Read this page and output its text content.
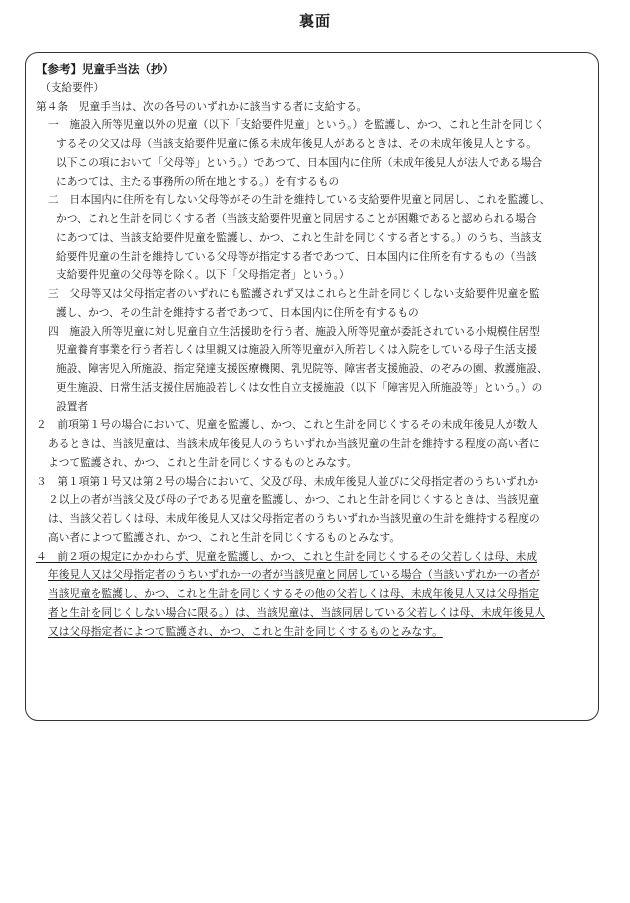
裏面
【参考】児童手当法（抄）
（支給要件）
第４条　児童手当は、次の各号のいずれかに該当する者に支給する。
一　施設入所等児童以外の児童（以下「支給要件児童」という。）を監護し、かつ、これと生計を同じく
するその父又は母（当該支給要件児童に係る未成年後見人があるときは、その未成年後見人とする。
以下この項において「父母等」という。）であつて、日本国内に住所（未成年後見人が法人である場合
にあつては、主たる事務所の所在地とする。）を有するもの
二　日本国内に住所を有しない父母等がその生計を維持している支給要件児童と同居し、これを監護し、
かつ、これと生計を同じくする者（当該支給要件児童と同居することが困難であると認められる場合
にあつては、当該支給要件児童を監護し、かつ、これと生計を同じくする者とする。）のうち、当該支
給要件児童の生計を維持している父母等が指定する者であつて、日本国内に住所を有するもの（当該
支給要件児童の父母等を除く。以下「父母指定者」という。）
三　父母等又は父母指定者のいずれにも監護されず又はこれらと生計を同じくしない支給要件児童を監
護し、かつ、その生計を維持する者であつて、日本国内に住所を有するもの
四　施設入所等児童に対し児童自立生活援助を行う者、施設入所等児童が委託されている小規模住居型
児童養育事業を行う者若しくは里親又は施設入所等児童が入所若しくは入院をしている母子生活支援
施設、障害児入所施設、指定発達支援医療機関、乳児院等、障害者支援施設、のぞみの園、救護施設、
更生施設、日常生活支援住居施設若しくは女性自立支援施設（以下「障害児入所施設等」という。）の
設置者
２　前項第１号の場合において、児童を監護し、かつ、これと生計を同じくするその未成年後見人が数人
あるときは、当該児童は、当該未成年後見人のうちいずれか当該児童の生計を維持する程度の高い者に
よつて監護され、かつ、これと生計を同じくするものとみなす。
３　第１項第１号又は第２号の場合において、父及び母、未成年後見人並びに父母指定者のうちいずれか
２以上の者が当該父及び母の子である児童を監護し、かつ、これと生計を同じくするときは、当該児童
は、当該父若しくは母、未成年後見人又は父母指定者のうちいずれか当該児童の生計を維持する程度の
高い者によつて監護され、かつ、これと生計を同じくするものとみなす。
４　前２項の規定にかかわらず、児童を監護し、かつ、これと生計を同じくするその父若しくは母、未成
年後見人又は父母指定者のうちいずれか一の者が当該児童と同居している場合（当該いずれか一の者が
当該児童を監護し、かつ、これと生計を同じくするその他の父若しくは母、未成年後見人又は父母指定
者と生計を同じくしない場合に限る。）は、当該児童は、当該同居している父若しくは母、未成年後見人
又は父母指定者によつて監護され、かつ、これと生計を同じくするものとみなす。
